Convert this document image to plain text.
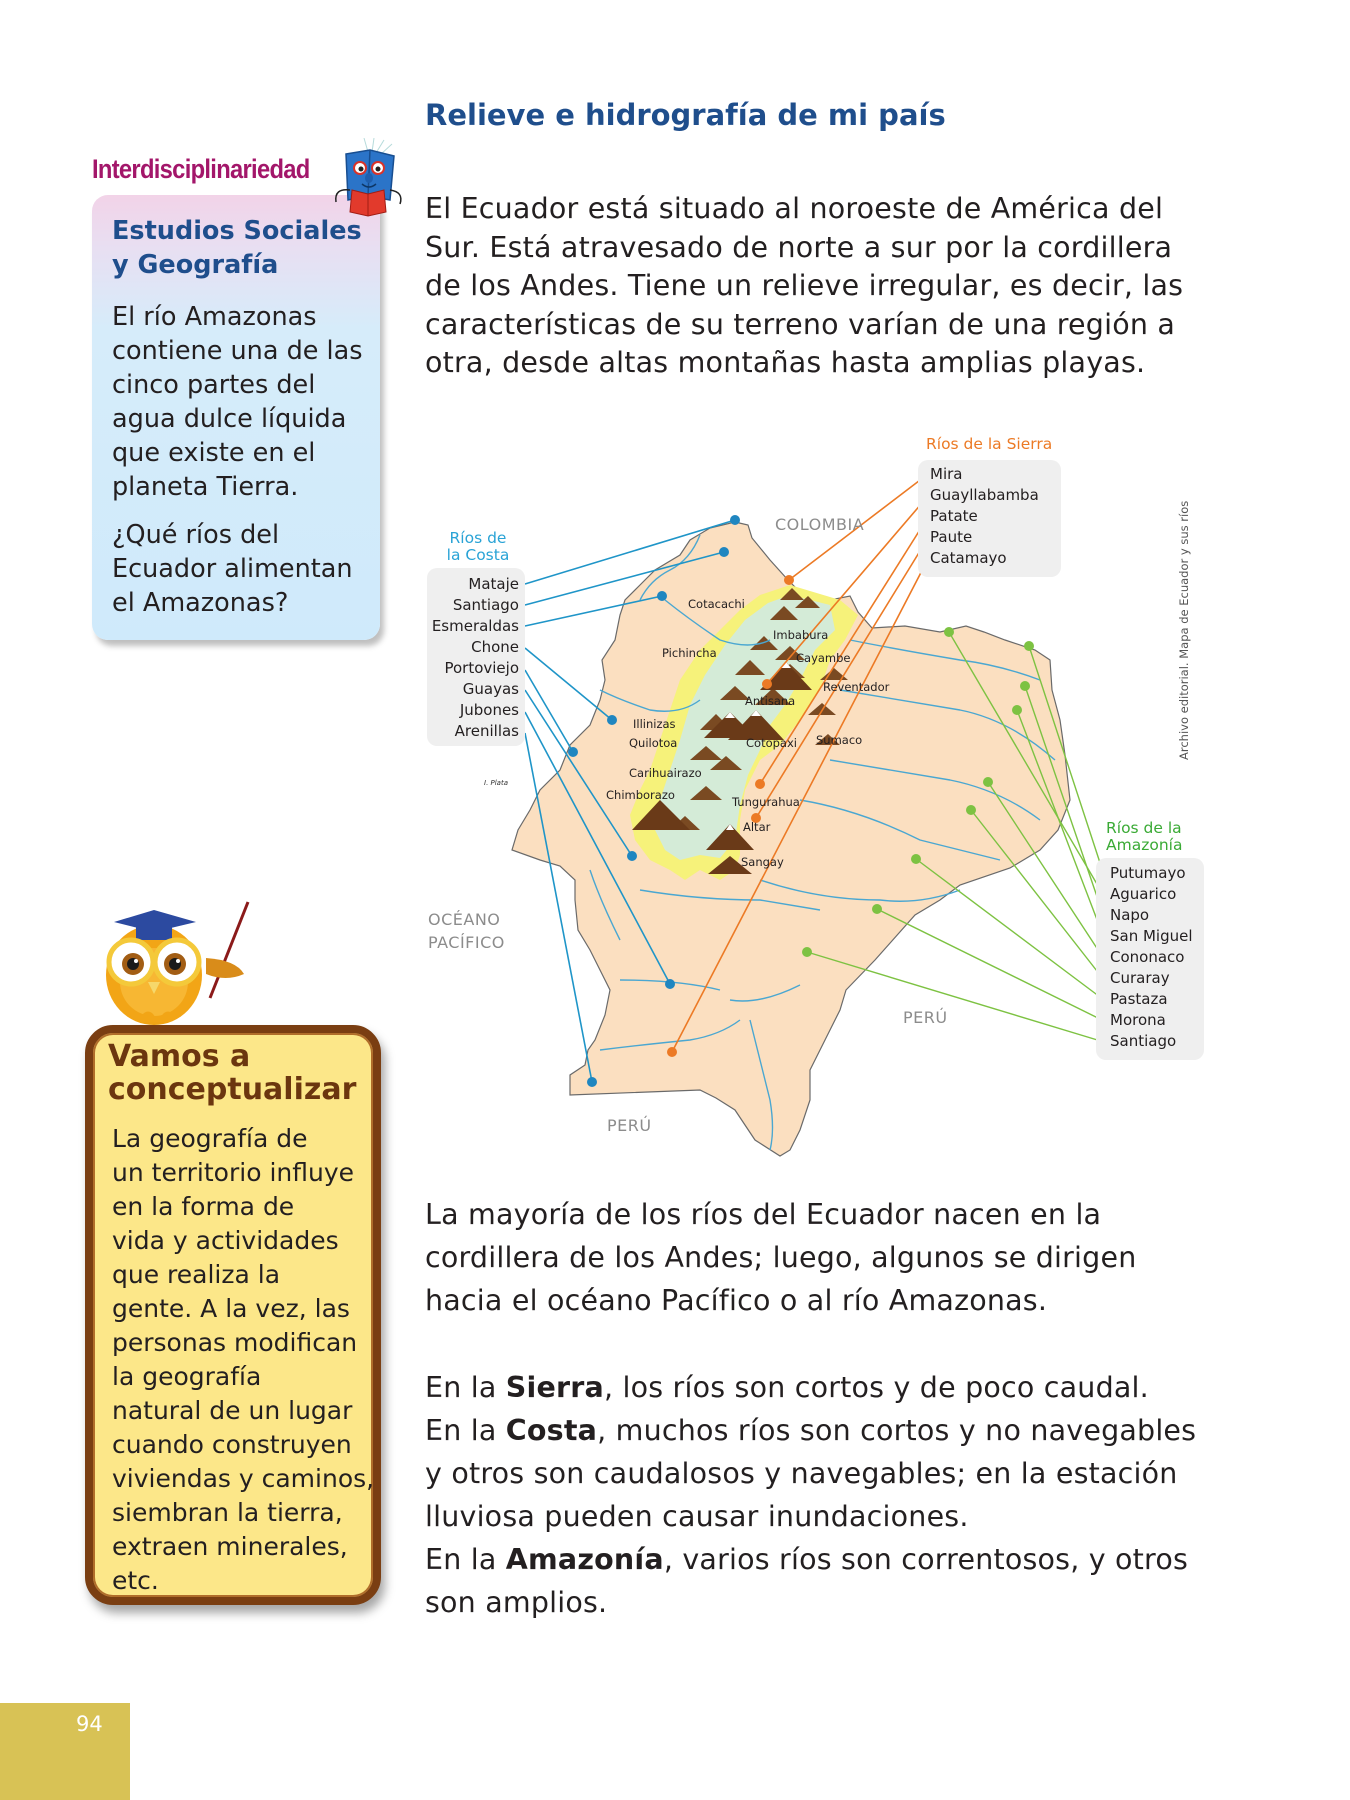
Relieve e hidrografía de mi país

El Ecuador está situado al noroeste de América del

Sur. Está atravesado de norte a sur por la cordillera

de los Andes. Tiene un relieve irregular, es decir, las

características de su terreno varían de una región a

otra, desde altas montañas hasta amplias playas.

Interdisciplinariedad
Estudios Sociales
y Geografía

El río Amazonas contiene una de las cinco partes del agua dulce líquida que existe en el planeta Tierra.

¿Qué ríos del Ecuador alimentan el Amazonas?

Vamos a
conceptualizar

La geografía de

un territorio influye

en la forma de

vida y actividades

que realiza la

gente. A la vez, las

personas modifican

la geografía

natural de un lugar

cuando construyen

viviendas y caminos,

siembran la tierra,

extraen minerales,

etc.

COLOMBIA
OCÉANO
PACÍFICO
PERÚ
PERÚ
I. Plata
Cotacachi
Imbabura
Pichincha	Cayambe
Reventador
Antisana
Illinizas
Quilotoa	Cotopaxi Sumaco
Carihuairazo
Chimborazo	Tungurahua
Altar
Sangay
Ríos de
la Costa
Mataje
Santiago
Esmeraldas
Chone
Portoviejo
Guayas
Jubones
Arenillas
Ríos de la Sierra
Mira
Guayllabamba
Patate
Paute
Catamayo
Ríos de la
Amazonía
Putumayo
Aguarico
Napo
San Miguel
Cononaco
Curaray
Pastaza
Morona
Santiago
Archivo editorial. Mapa de Ecuador y sus ríos

La mayoría de los ríos del Ecuador nacen en la

cordillera de los Andes; luego, algunos se dirigen

hacia el océano Pacífico o al río Amazonas.

En la Sierra, los ríos son cortos y de poco caudal.

En la Costa, muchos ríos son cortos y no navegables

y otros son caudalosos y navegables; en la estación

lluviosa pueden causar inundaciones.

En la Amazonía, varios ríos son correntosos, y otros

son amplios.

94
